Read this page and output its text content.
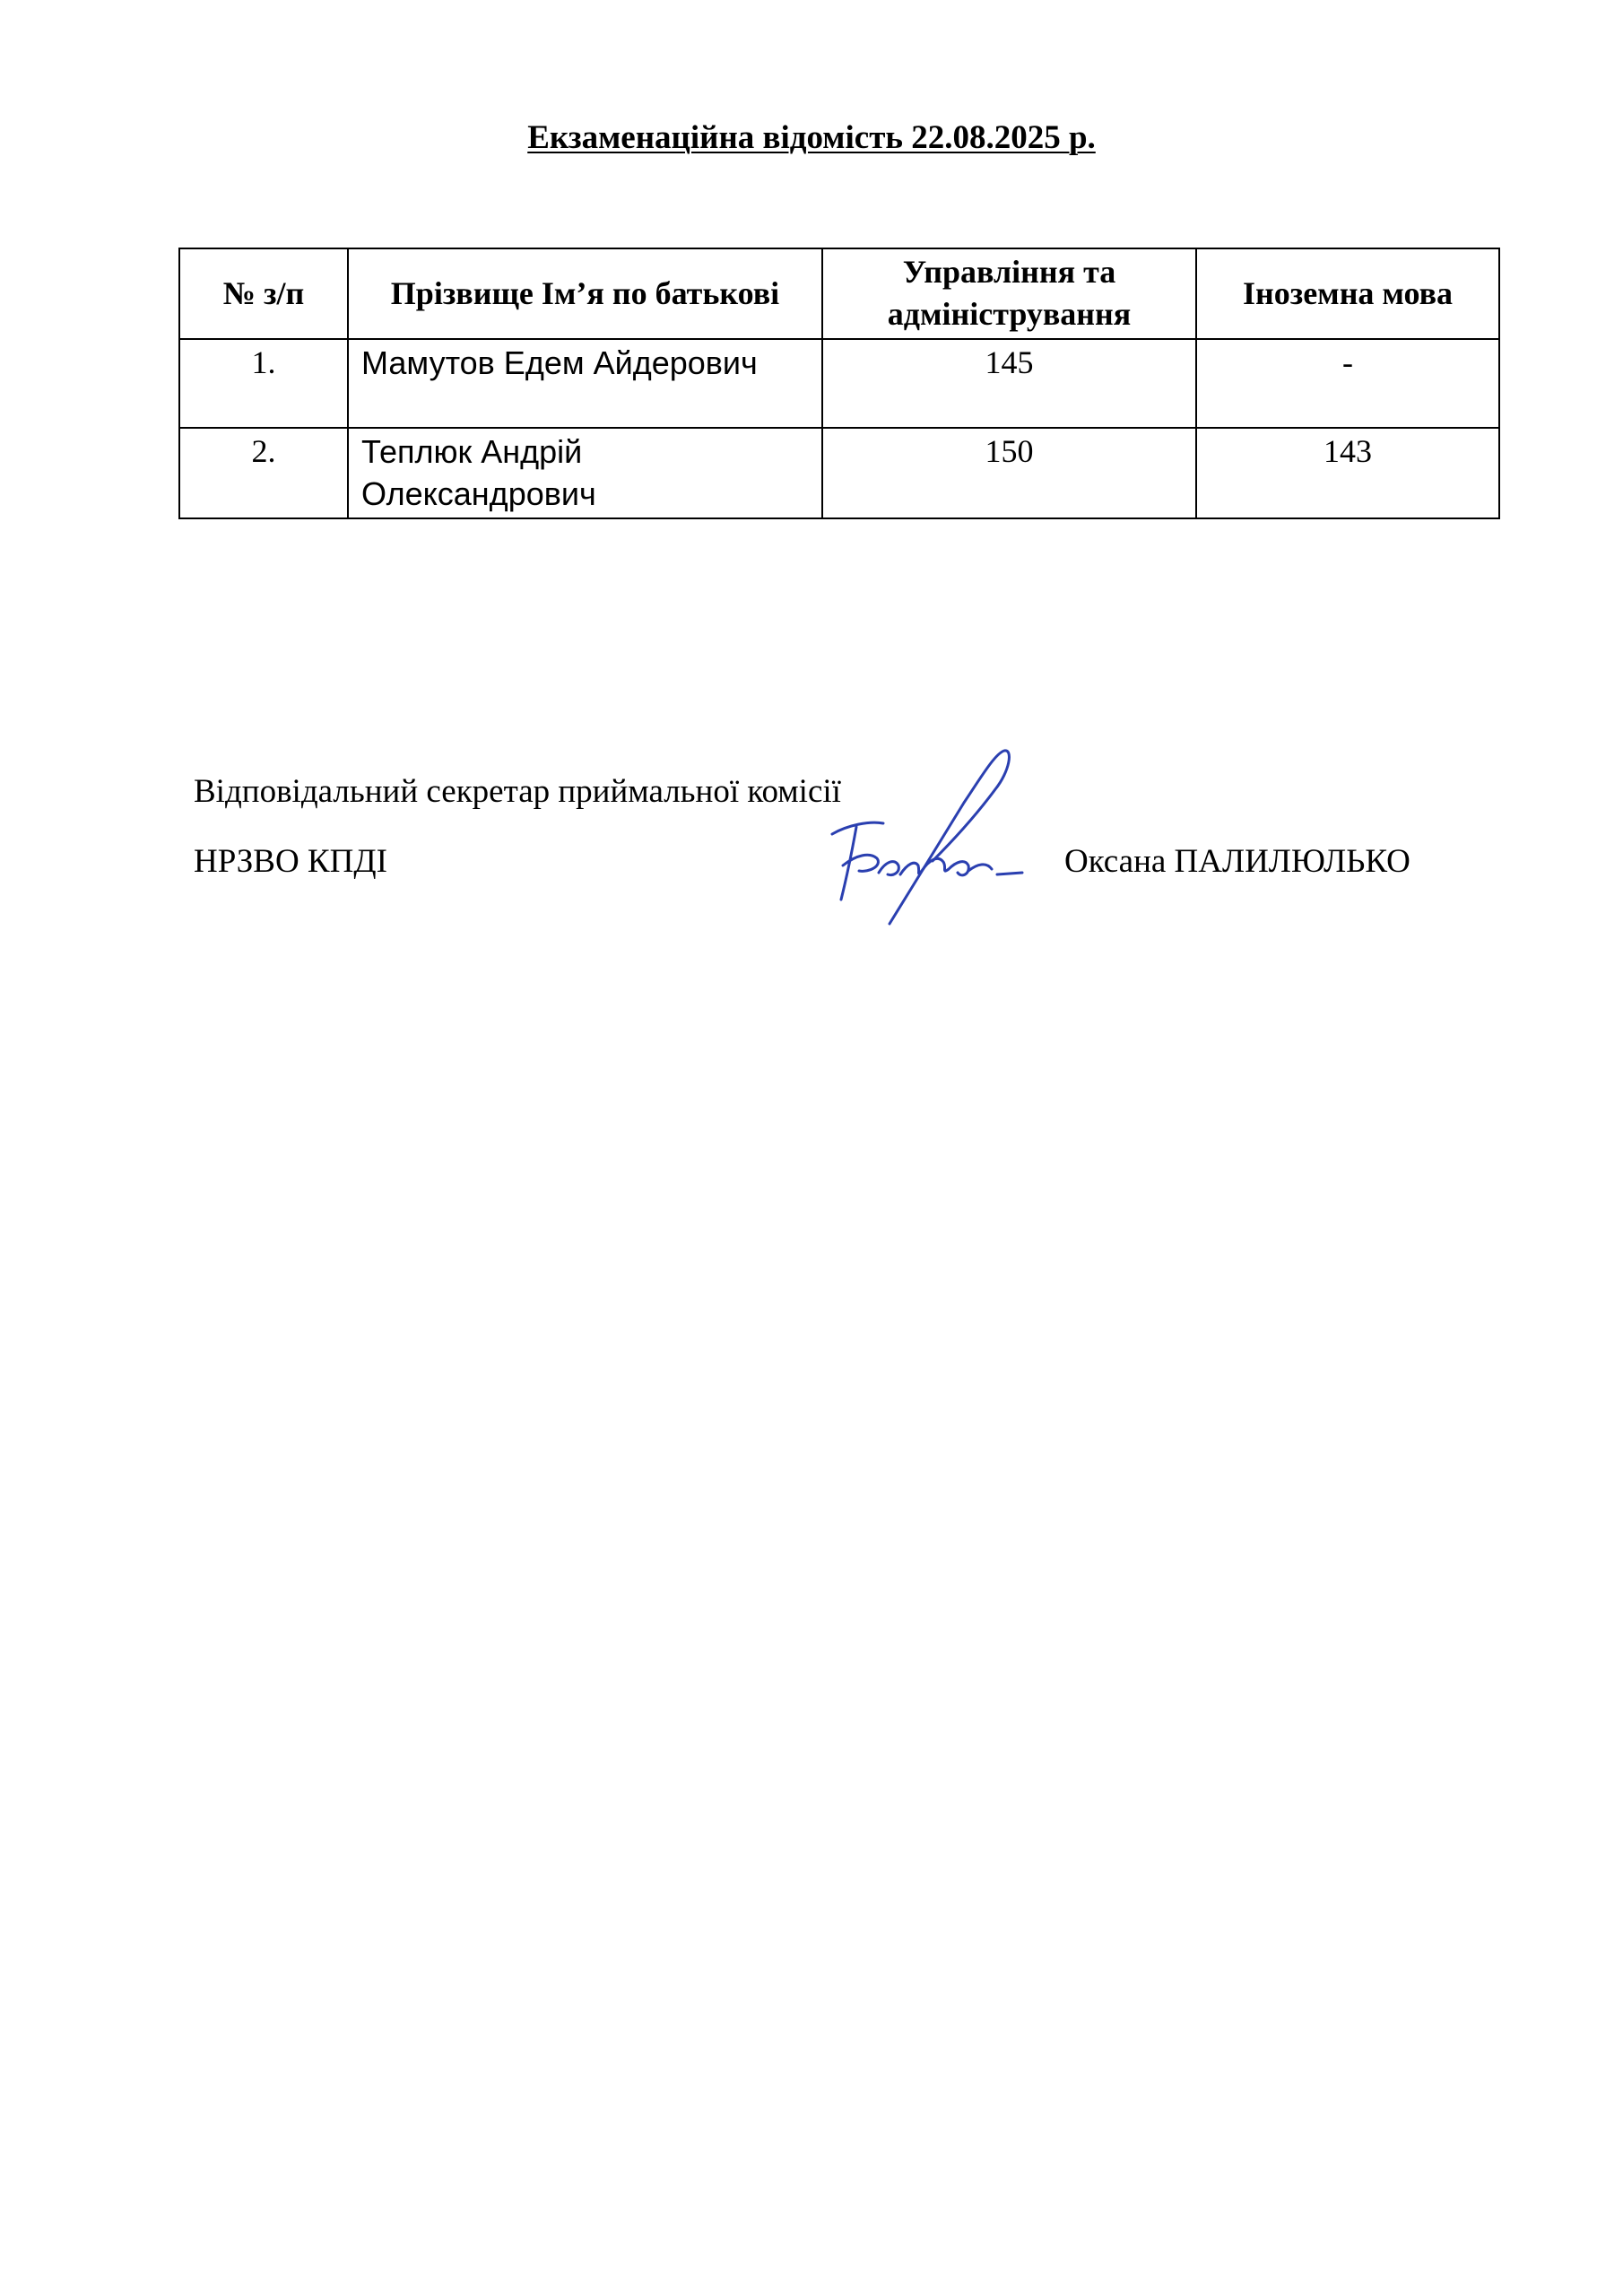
Екзаменаційна відомість 22.08.2025 р.
№ з/п	Прізвище Ім’я по батькові	Управління та адміністрування	Іноземна мова
1.	Мамутов Едем Айдерович	145	-
2.	Теплюк Андрій Олександрович	150	143
Відповідальний секретар приймальної комісії
НРЗВО КПДІ	Оксана ПАЛИЛЮЛЬКО
